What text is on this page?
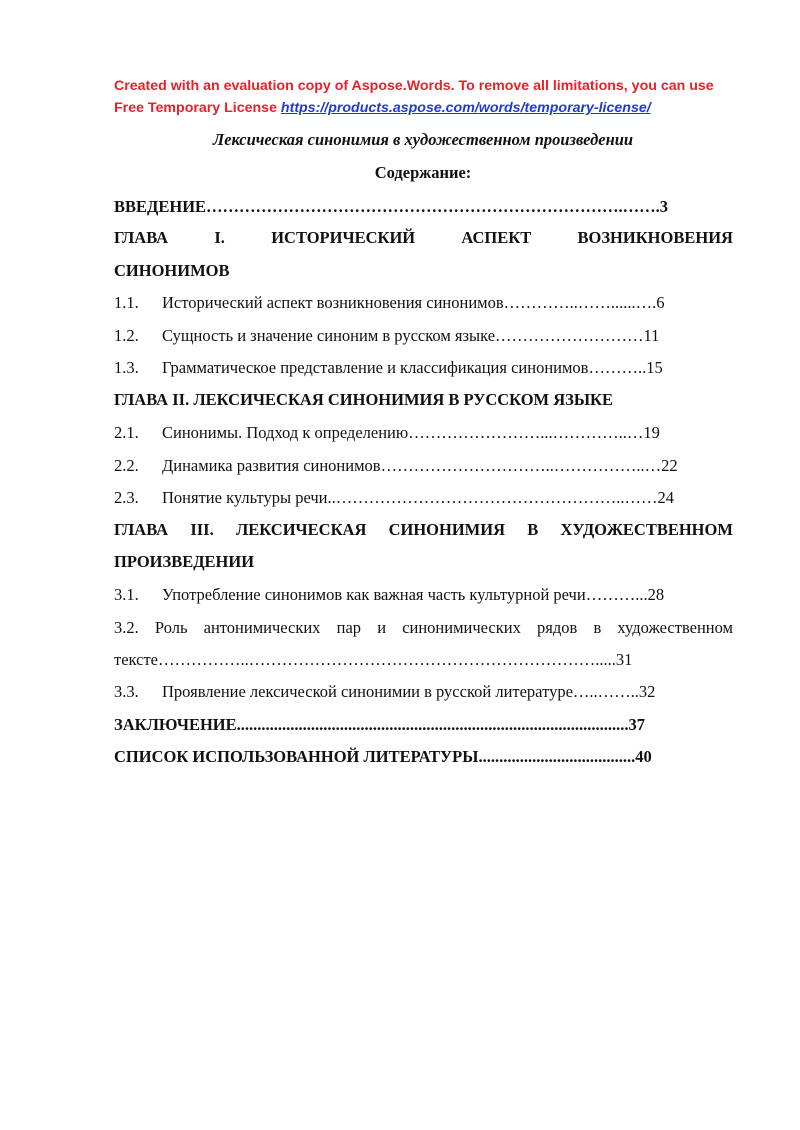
Created with an evaluation copy of Aspose.Words. To remove all limitations, you can use
Free Temporary License https://products.aspose.com/words/temporary-license/
Лексическая синонимия в художественном произведении
Содержание:
ВВЕДЕНИЕ………………………………………………………………….…….3
ГЛАВА	I.	ИСТОРИЧЕСКИЙ	АСПЕКТ	ВОЗНИКНОВЕНИЯ
СИНОНИМОВ
1.1. Исторический аспект возникновения синонимов…………..……......….6
1.2. Сущность и значение синоним в русском языке………………………11
1.3. Грамматическое представление и классификация синонимов………..15
ГЛАВА II. ЛЕКСИЧЕСКАЯ СИНОНИМИЯ В РУССКОМ ЯЗЫКЕ
2.1. Синонимы. Подход к определению……………………...…………..…19
2.2. Динамика развития синонимов…………………………..……………..…22
2.3. Понятие культуры речи..……………………………………………..……24
ГЛАВА III. ЛЕКСИЧЕСКАЯ СИНОНИМИЯ В ХУДОЖЕСТВЕННОМ
ПРОИЗВЕДЕНИИ
3.1. Употребление синонимов как важная часть культурной речи………...28
3.2. Роль антонимических пар и синонимических рядов в художественном
тексте……………..……………………………………………………….....31
3.3. Проявление лексической синонимии в русской литературе…..……..32
ЗАКЛЮЧЕНИЕ...............................................................................................37
СПИСОК ИСПОЛЬЗОВАННОЙ ЛИТЕРАТУРЫ......................................40
